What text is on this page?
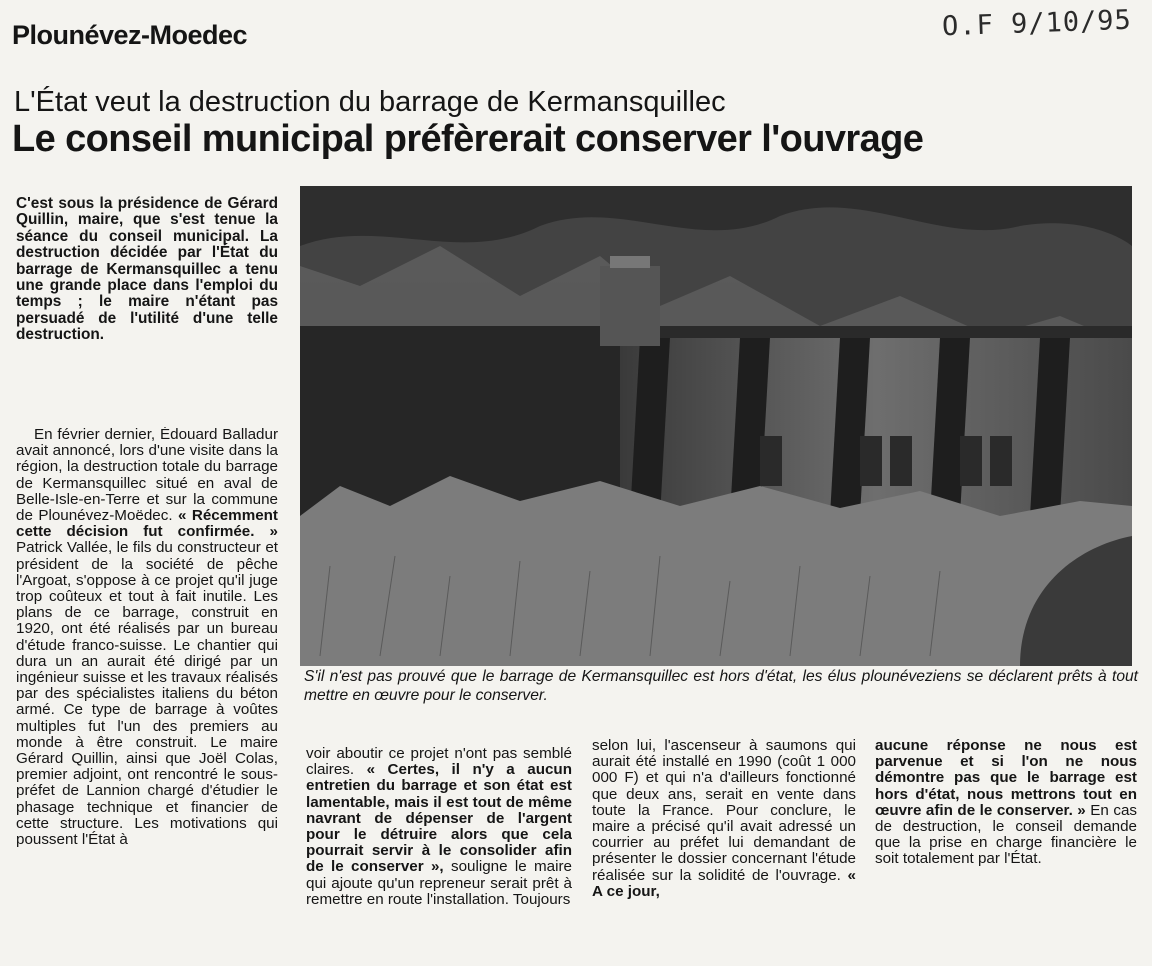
Plounévez-Moedec	O.F 9/10/95
L'État veut la destruction du barrage de Kermansquillec
Le conseil municipal préfèrerait conserver l'ouvrage
C'est sous la présidence de Gérard Quillin, maire, que s'est tenue la séance du conseil municipal. La destruction décidée par l'État du barrage de Kermansquillec a tenu une grande place dans l'emploi du temps ; le maire n'étant pas persuadé de l'utilité d'une telle destruction.
En février dernier, Édouard Balladur avait annoncé, lors d'une visite dans la région, la destruction totale du barrage de Kermansquillec situé en aval de Belle-Isle-en-Terre et sur la commune de Plounévez-Moëdec. « Récemment cette décision fut confirmée. » Patrick Vallée, le fils du constructeur et président de la société de pêche l'Argoat, s'oppose à ce projet qu'il juge trop coûteux et tout à fait inutile. Les plans de ce barrage, construit en 1920, ont été réalisés par un bureau d'étude franco-suisse. Le chantier qui dura un an aurait été dirigé par un ingénieur suisse et les travaux réalisés par des spécialistes italiens du béton armé. Ce type de barrage à voûtes multiples fut l'un des premiers au monde à être construit. Le maire Gérard Quillin, ainsi que Joël Colas, premier adjoint, ont rencontré le sous-préfet de Lannion chargé d'étudier le phasage technique et financier de cette structure. Les motivations qui poussent l'État à
S'il n'est pas prouvé que le barrage de Kermansquillec est hors d'état, les élus plounéveziens se déclarent prêts à tout mettre en œuvre pour le conserver.
voir aboutir ce projet n'ont pas semblé claires. « Certes, il n'y a aucun entretien du barrage et son état est lamentable, mais il est tout de même navrant de dépenser de l'argent pour le détruire alors que cela pourrait servir à le consolider afin de le conserver », souligne le maire qui ajoute qu'un repreneur serait prêt à remettre en route l'installation. Toujours
selon lui, l'ascenseur à saumons qui aurait été installé en 1990 (coût 1 000 000 F) et qui n'a d'ailleurs fonctionné que deux ans, serait en vente dans toute la France. Pour conclure, le maire a précisé qu'il avait adressé un courrier au préfet lui demandant de présenter le dossier concernant l'étude réalisée sur la solidité de l'ouvrage. « A ce jour,
aucune réponse ne nous est parvenue et si l'on ne nous démontre pas que le barrage est hors d'état, nous mettrons tout en œuvre afin de le conserver. » En cas de destruction, le conseil demande que la prise en charge financière le soit totalement par l'État.
